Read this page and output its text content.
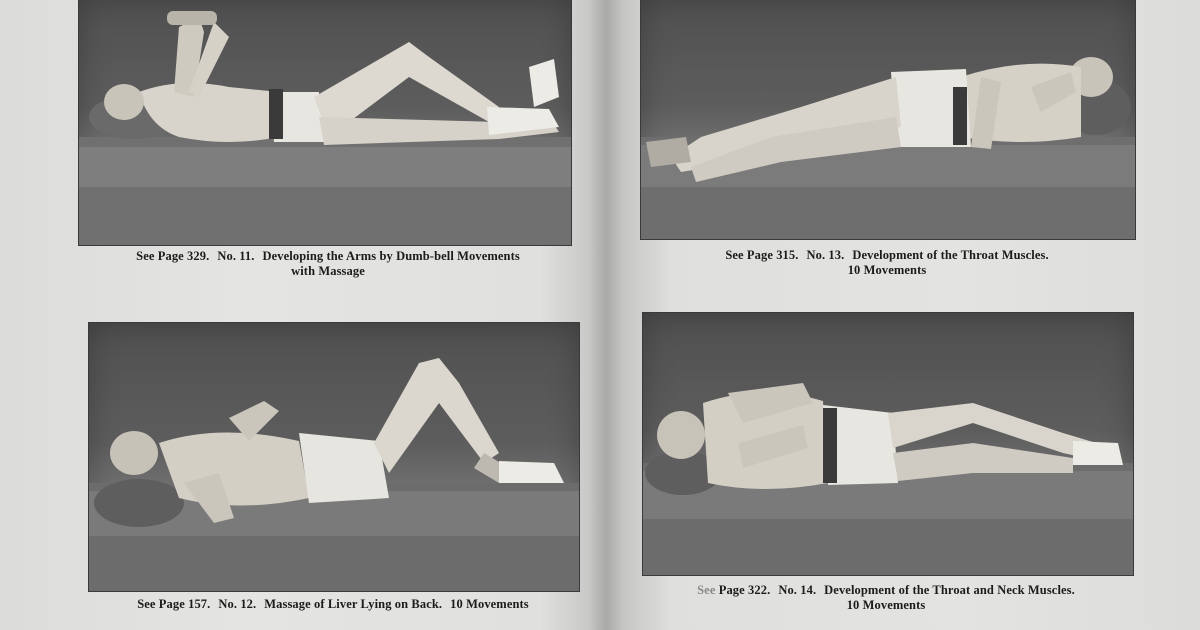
See Page 329. No. 11. Developing the Arms by Dumb-bell Movements
with Massage
See Page 157. No. 12. Massage of Liver Lying on Back. 10 Movements
See Page 315. No. 13. Development of the Throat Muscles.
10 Movements
See Page 322. No. 14. Development of the Throat and Neck Muscles.
10 Movements
